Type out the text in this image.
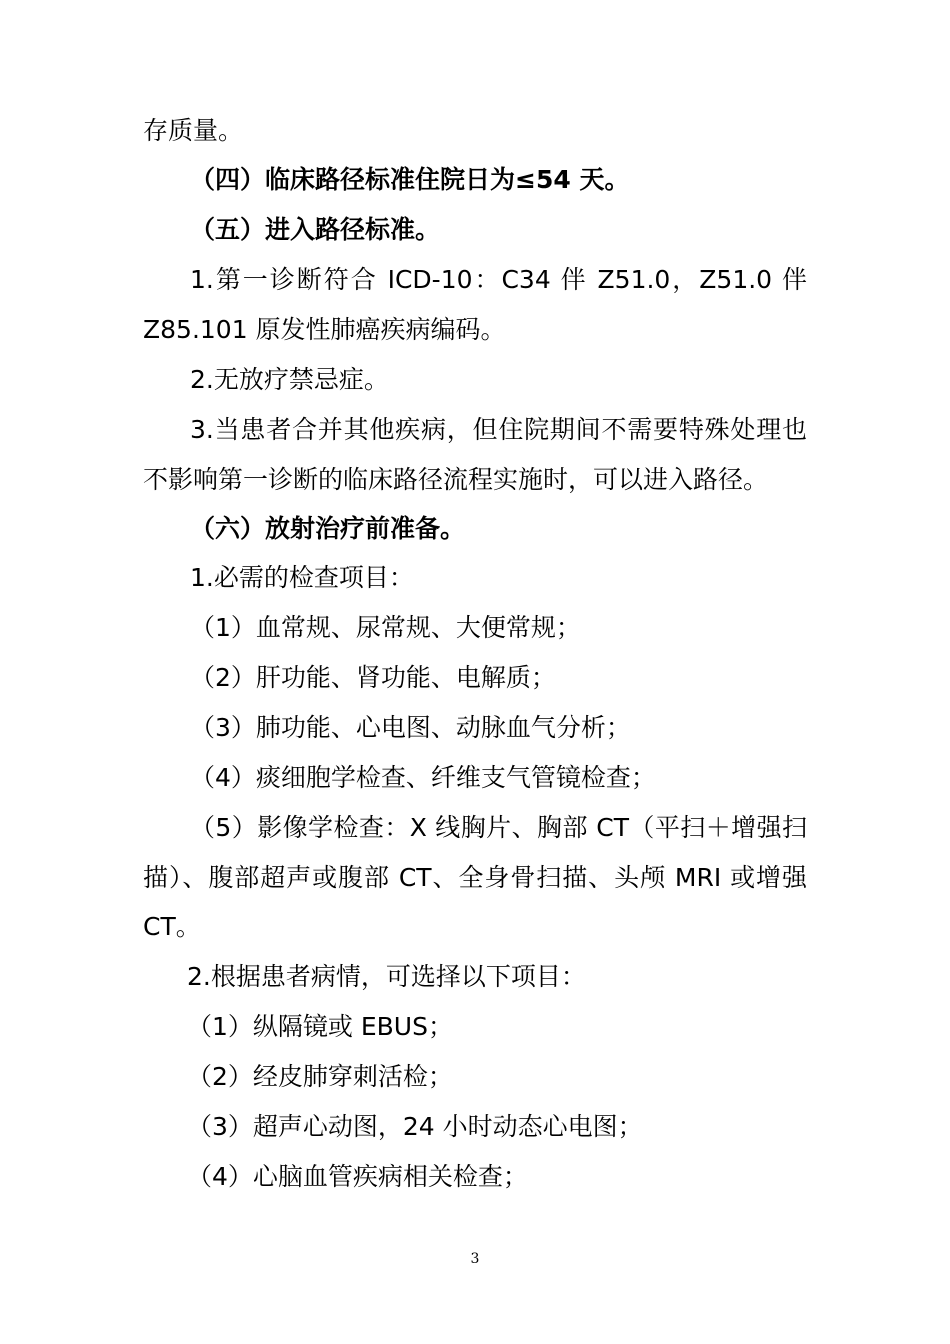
存质量。
（四）临床路径标准住院日为≤54 天。
（五）进入路径标准。
1.第一诊断符合 ICD-10：C34 伴 Z51.0，Z51.0 伴
Z85.101 原发性肺癌疾病编码。
2.无放疗禁忌症。
3.当患者合并其他疾病，但住院期间不需要特殊处理也
不影响第一诊断的临床路径流程实施时，可以进入路径。
（六）放射治疗前准备。
1.必需的检查项目：
（1）血常规、尿常规、大便常规；
（2）肝功能、肾功能、电解质；
（3）肺功能、心电图、动脉血气分析；
（4）痰细胞学检查、纤维支气管镜检查；
（5）影像学检查：X 线胸片、胸部 CT（平扫＋增强扫
描）、腹部超声或腹部 CT、全身骨扫描、头颅 MRI 或增强
CT。
2.根据患者病情，可选择以下项目：
（1）纵隔镜或 EBUS；
（2）经皮肺穿刺活检；
（3）超声心动图，24 小时动态心电图；
（4）心脑血管疾病相关检查；
3
